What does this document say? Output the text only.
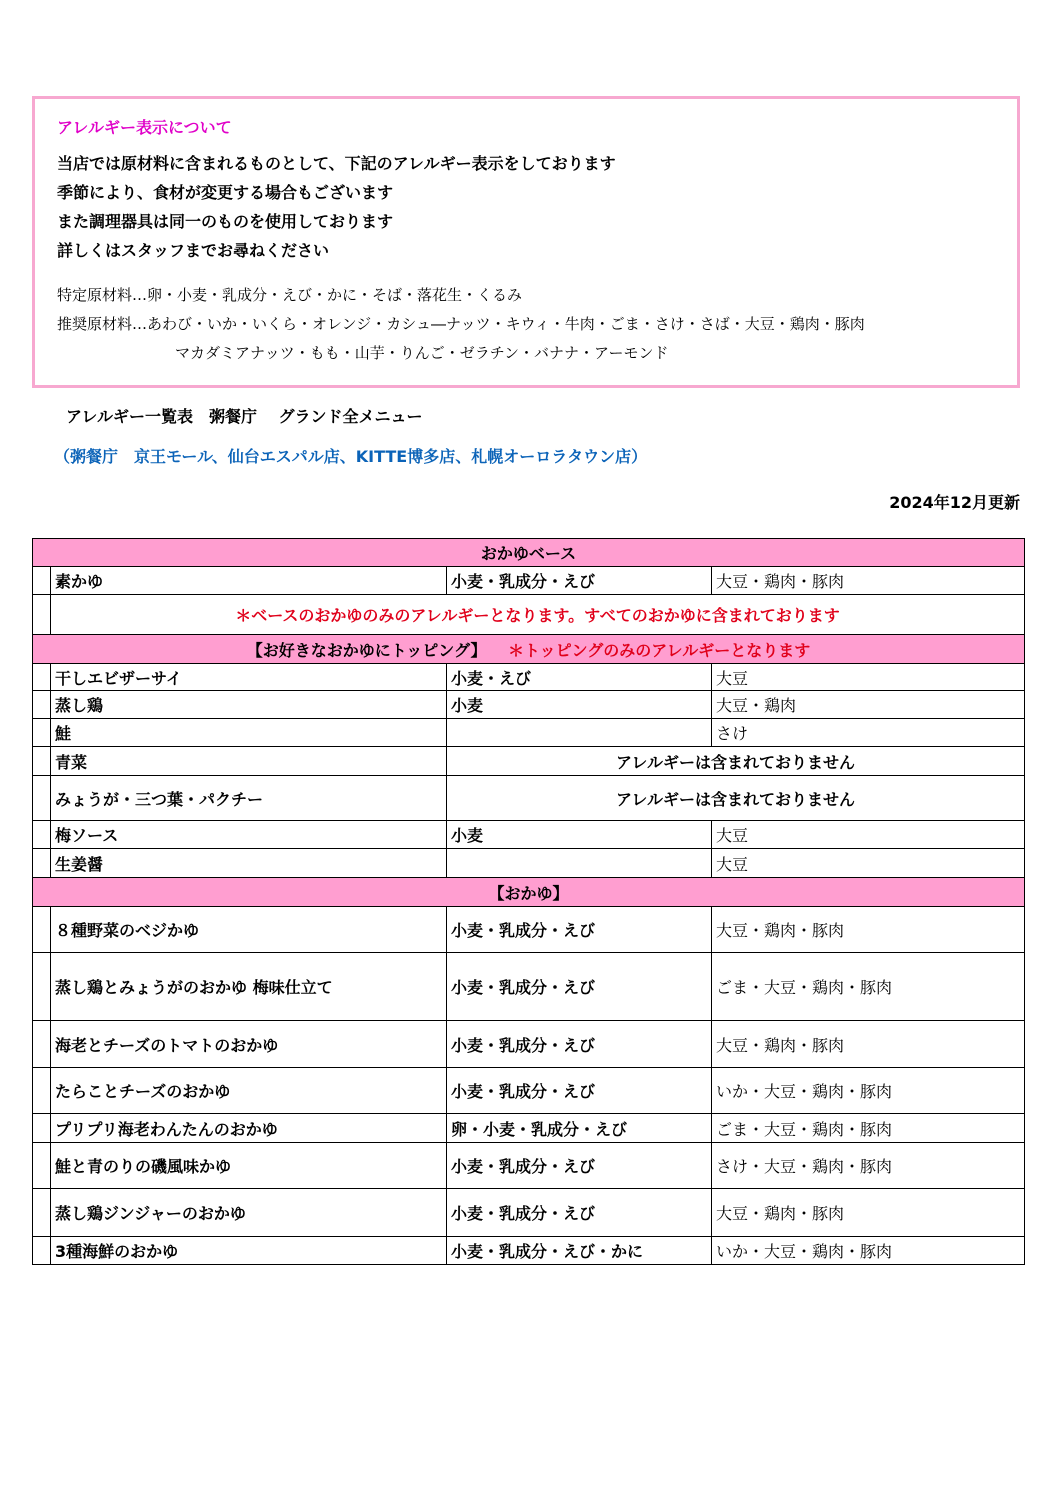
アレルギー表示について
当店では原材料に含まれるものとして、下記のアレルギー表示をしております
季節により、食材が変更する場合もございます
また調理器具は同一のものを使用しております
詳しくはスタッフまでお尋ねください
特定原材料…卵・小麦・乳成分・えび・かに・そば・落花生・くるみ
推奨原材料…あわび・いか・いくら・オレンジ・カシュ―ナッツ・キウィ・牛肉・ごま・さけ・さば・大豆・鶏肉・豚肉
マカダミアナッツ・もも・山芋・りんご・ゼラチン・バナナ・アーモンド
アレルギー一覧表　粥餐庁　 グランド全メニュー
（粥餐庁　京王モール、仙台エスパル店、KITTE博多店、札幌オーロラタウン店）
2024年12月更新
おかゆベース			
	素かゆ	小麦・乳成分・えび	大豆・鶏肉・豚肉
	＊ベースのおかゆのみのアレルギーとなります。すべてのおかゆに含まれております		
【お好きなおかゆにトッピング】 ＊トッピングのみのアレルギーとなります			
	干しエビザーサイ	小麦・えび	大豆
	蒸し鶏	小麦	大豆・鶏肉
	鮭		さけ
	青菜	アレルギーは含まれておりません	
	みょうが・三つ葉・パクチー	アレルギーは含まれておりません	
	梅ソース	小麦	大豆
	生姜醤		大豆
【おかゆ】			
	８種野菜のベジかゆ	小麦・乳成分・えび	大豆・鶏肉・豚肉
	蒸し鶏とみょうがのおかゆ 梅味仕立て	小麦・乳成分・えび	ごま・大豆・鶏肉・豚肉
	海老とチーズのトマトのおかゆ	小麦・乳成分・えび	大豆・鶏肉・豚肉
	たらことチーズのおかゆ	小麦・乳成分・えび	いか・大豆・鶏肉・豚肉
	プリプリ海老わんたんのおかゆ	卵・小麦・乳成分・えび	ごま・大豆・鶏肉・豚肉
	鮭と青のりの磯風味かゆ	小麦・乳成分・えび	さけ・大豆・鶏肉・豚肉
	蒸し鶏ジンジャーのおかゆ	小麦・乳成分・えび	大豆・鶏肉・豚肉
	3種海鮮のおかゆ	小麦・乳成分・えび・かに	いか・大豆・鶏肉・豚肉
